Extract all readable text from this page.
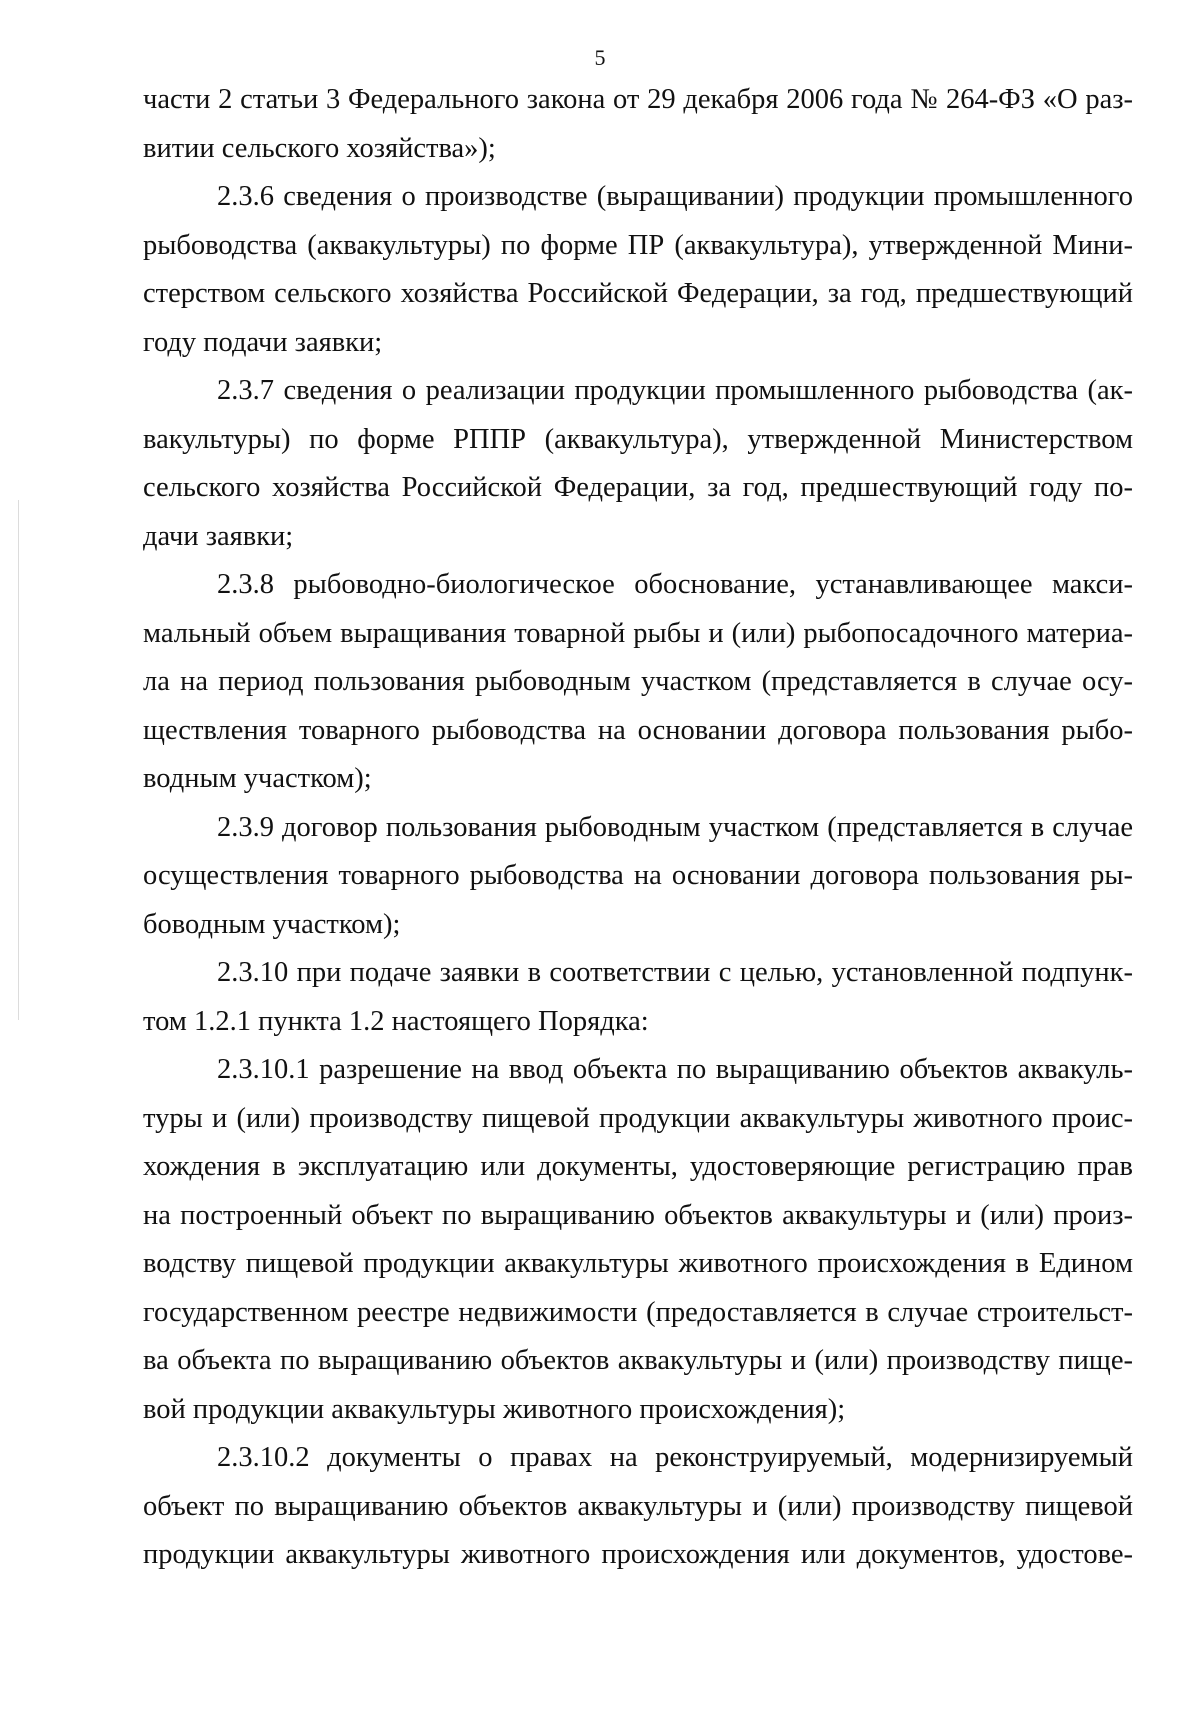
5
части 2 статьи 3 Федерального закона от 29 декабря 2006 года № 264-ФЗ «О раз-
витии сельского хозяйства»);
2.3.6 сведения о производстве (выращивании) продукции промышленного
рыбоводства (аквакультуры) по форме ПР (аквакультура), утвержденной Мини-
стерством сельского хозяйства Российской Федерации, за год, предшествующий
году подачи заявки;
2.3.7 сведения о реализации продукции промышленного рыбоводства (ак-
вакультуры) по форме РППР (аквакультура), утвержденной Министерством
сельского хозяйства Российской Федерации, за год, предшествующий году по-
дачи заявки;
2.3.8 рыбоводно-биологическое обоснование, устанавливающее макси-
мальный объем выращивания товарной рыбы и (или) рыбопосадочного материа-
ла на период пользования рыбоводным участком (представляется в случае осу-
ществления товарного рыбоводства на основании договора пользования рыбо-
водным участком);
2.3.9 договор пользования рыбоводным участком (представляется в случае
осуществления товарного рыбоводства на основании договора пользования ры-
боводным участком);
2.3.10 при подаче заявки в соответствии с целью, установленной подпунк-
том 1.2.1 пункта 1.2 настоящего Порядка:
2.3.10.1 разрешение на ввод объекта по выращиванию объектов аквакуль-
туры и (или) производству пищевой продукции аквакультуры животного проис-
хождения в эксплуатацию или документы, удостоверяющие регистрацию прав
на построенный объект по выращиванию объектов аквакультуры и (или) произ-
водству пищевой продукции аквакультуры животного происхождения в Едином
государственном реестре недвижимости (предоставляется в случае строительст-
ва объекта по выращиванию объектов аквакультуры и (или) производству пище-
вой продукции аквакультуры животного происхождения);
2.3.10.2 документы о правах на реконструируемый, модернизируемый
объект по выращиванию объектов аквакультуры и (или) производству пищевой
продукции аквакультуры животного происхождения или документов, удостове-
